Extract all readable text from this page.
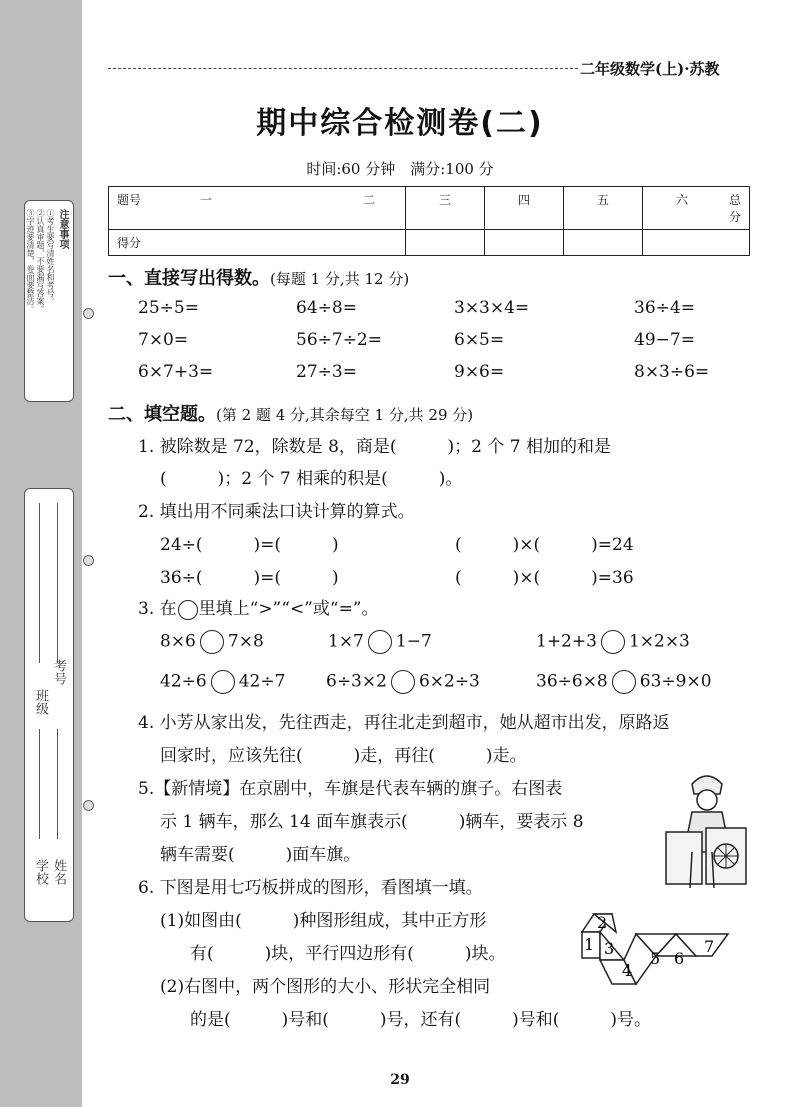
注意事项
①考生要写清姓名和考号。
②认真审题，不要漏写答案。
③字迹要清楚，卷面要整洁。
班级
考号
学校 姓名
二年级数学(上)·苏教
期中综合检测卷(二)
时间:60 分钟　满分:100 分
题号 一	二	三	四	五	六	总分
得分						
一、直接写出得数。(每题 1 分,共 12 分)
25÷5=	64÷8=	3×3×4=	36÷4=
7×0=	56÷7÷2=	6×5=	49−7=
6×7+3=	27÷3=	9×6=	8×3÷6=
二、填空题。(第 2 题 4 分,其余每空 1 分,共 29 分)
1. 被除数是 72，除数是 8，商是(　　　)；2 个 7 相加的和是
(　　　)；2 个 7 相乘的积是(　　　)。
2. 填出用不同乘法口诀计算的算式。
24÷(　　　)=(　　　)	(　　　)×(　　　)=24
36÷(　　　)=(　　　)	(　　　)×(　　　)=36
3. 在 里填上“>”“<”或“=”。
8×6 7×8	1×7 1−7	1+2+3 1×2×3
42÷6 42÷7 6÷3×2 6×2÷3	36÷6×8 63÷9×0
4. 小芳从家出发，先往西走，再往北走到超市，她从超市出发，原路返
回家时，应该先往(　　　)走，再往(　　　)走。
5.【新情境】在京剧中，车旗是代表车辆的旗子。右图表
示 1 辆车，那么 14 面车旗表示(　　　)辆车，要表示 8
辆车需要(　　　)面车旗。
6. 下图是用七巧板拼成的图形，看图填一填。
(1)如图由(　　　)种图形组成，其中正方形
有(　　　)块，平行四边形有(　　　)块。
(2)右图中，两个图形的大小、形状完全相同
的是(　　　)号和(　　　)号，还有(　　　)号和(　　　)号。
1
2
3
4
5 6
7
29
